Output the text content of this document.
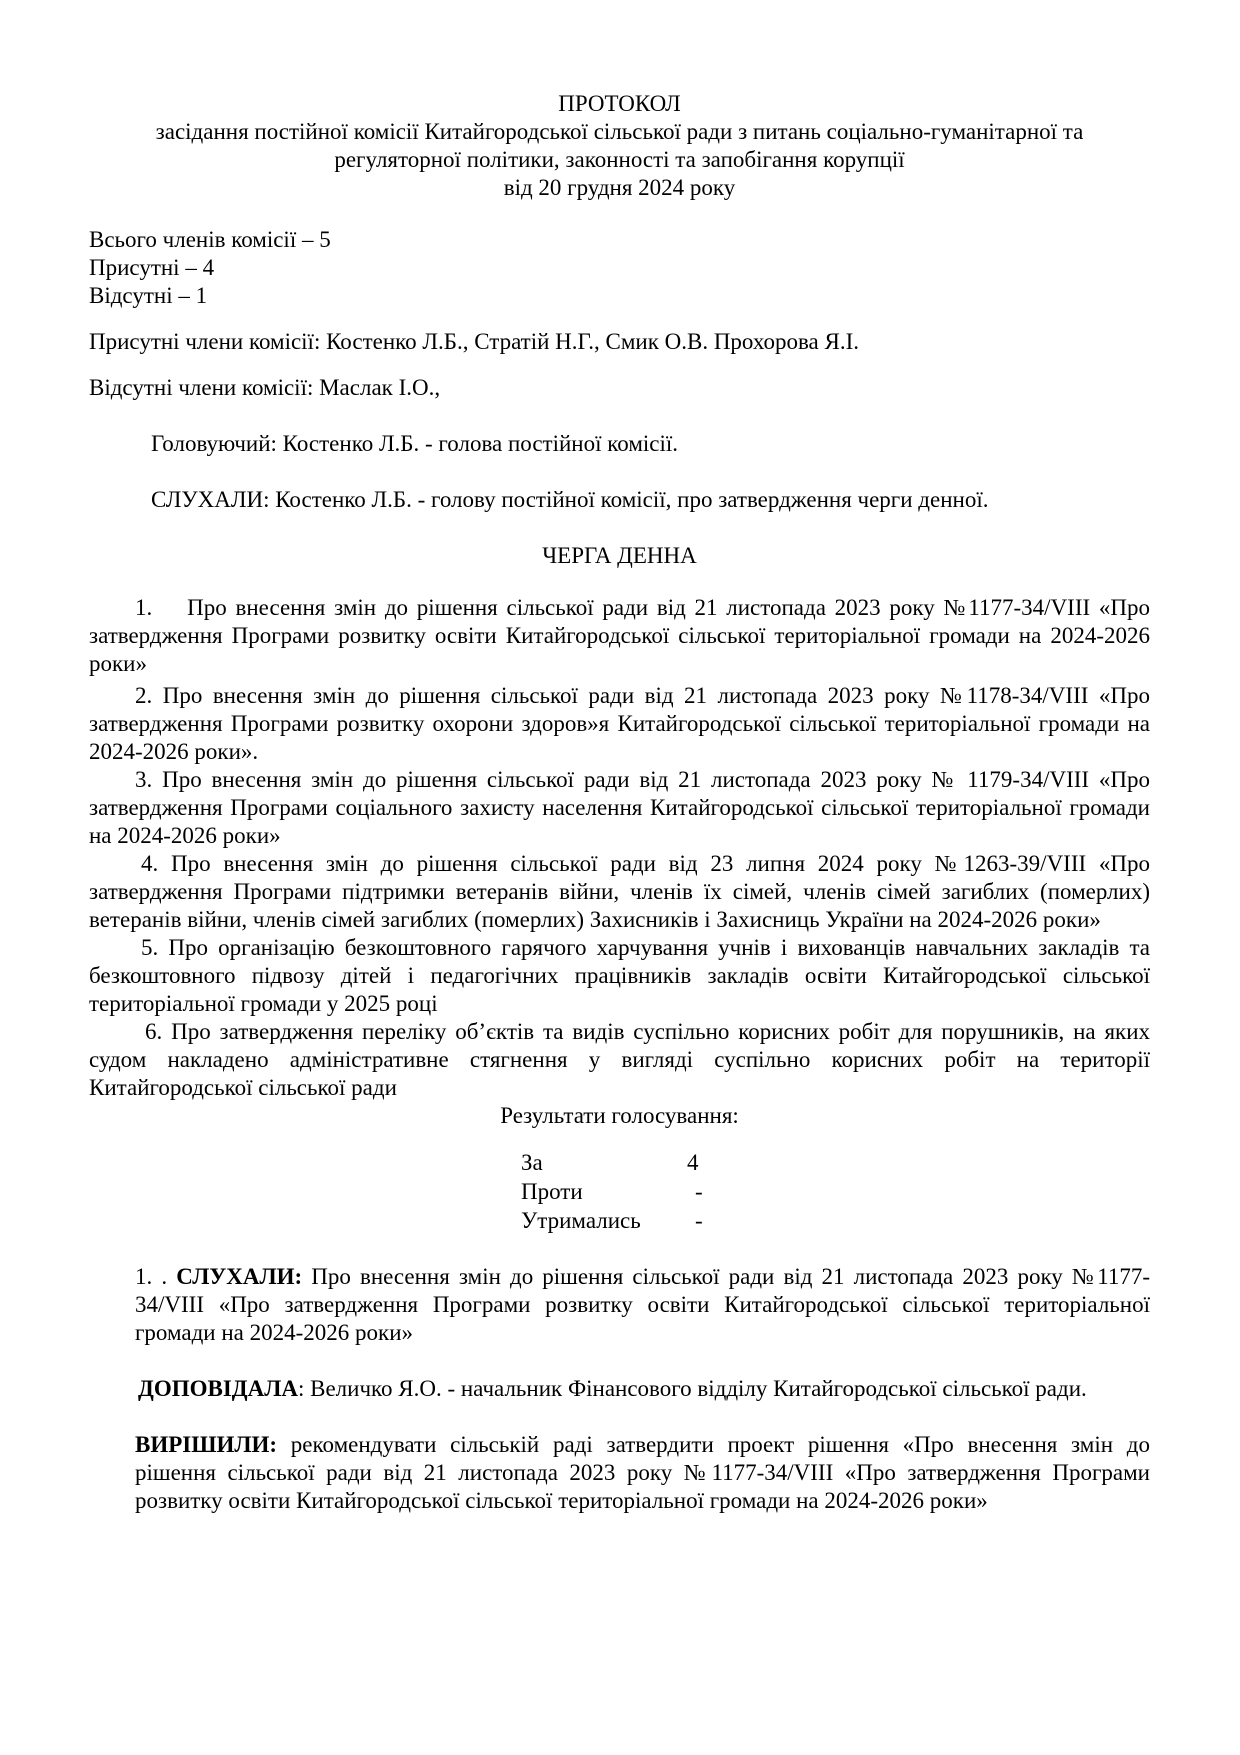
ПРОТОКОЛ
засідання постійної комісії Китайгородської сільської ради з питань соціально-гуманітарної та
регуляторної політики, законності та запобігання корупції
від 20 грудня 2024 року
Всього членів комісії – 5
Присутні – 4
Відсутні – 1
Присутні члени комісії: Костенко Л.Б., Стратій Н.Г., Смик О.В. Прохорова Я.І.
Відсутні члени комісії: Маслак І.О.,
Головуючий: Костенко Л.Б. - голова постійної комісії.
СЛУХАЛИ: Костенко Л.Б. - голову постійної комісії, про затвердження черги денної.
ЧЕРГА ДЕННА
1. Про внесення змін до рішення сільської ради від 21 листопада 2023 року №1177-34/VIII «Про затвердження Програми розвитку освіти Китайгородської сільської територіальної громади на 2024-2026 роки»
2. Про внесення змін до рішення сільської ради від 21 листопада 2023 року №1178-34/VIII «Про затвердження Програми розвитку охорони здоров»я Китайгородської сільської територіальної громади на 2024-2026 роки».
3. Про внесення змін до рішення сільської ради від 21 листопада 2023 року № 1179-34/VIII «Про затвердження Програми соціального захисту населення Китайгородської сільської територіальної громади на 2024-2026 роки»
4. Про внесення змін до рішення сільської ради від 23 липня 2024 року №1263-39/VIII «Про затвердження Програми підтримки ветеранів війни, членів їх сімей, членів сімей загиблих (померлих) ветеранів війни, членів сімей загиблих (померлих) Захисників і Захисниць України на 2024-2026 роки»
5. Про організацію безкоштовного гарячого харчування учнів і вихованців навчальних закладів та безкоштовного підвозу дітей і педагогічних працівників закладів освіти Китайгородської сільської територіальної громади у 2025 році
6. Про затвердження переліку об’єктів та видів суспільно корисних робіт для порушників, на яких судом накладено адміністративне стягнення у вигляді суспільно корисних робіт на території Китайгородської сільської ради
Результати голосування:
За	4
Проти	-
Утримались	-
1. . СЛУХАЛИ: Про внесення змін до рішення сільської ради від 21 листопада 2023 року №1177-34/VIII «Про затвердження Програми розвитку освіти Китайгородської сільської територіальної громади на 2024-2026 роки»
ДОПОВІДАЛА: Величко Я.О. - начальник Фінансового відділу Китайгородської сільської ради.
ВИРІШИЛИ: рекомендувати сільській раді затвердити проект рішення «Про внесення змін до рішення сільської ради від 21 листопада 2023 року №1177-34/VIII «Про затвердження Програми розвитку освіти Китайгородської сільської територіальної громади на 2024-2026 роки»
